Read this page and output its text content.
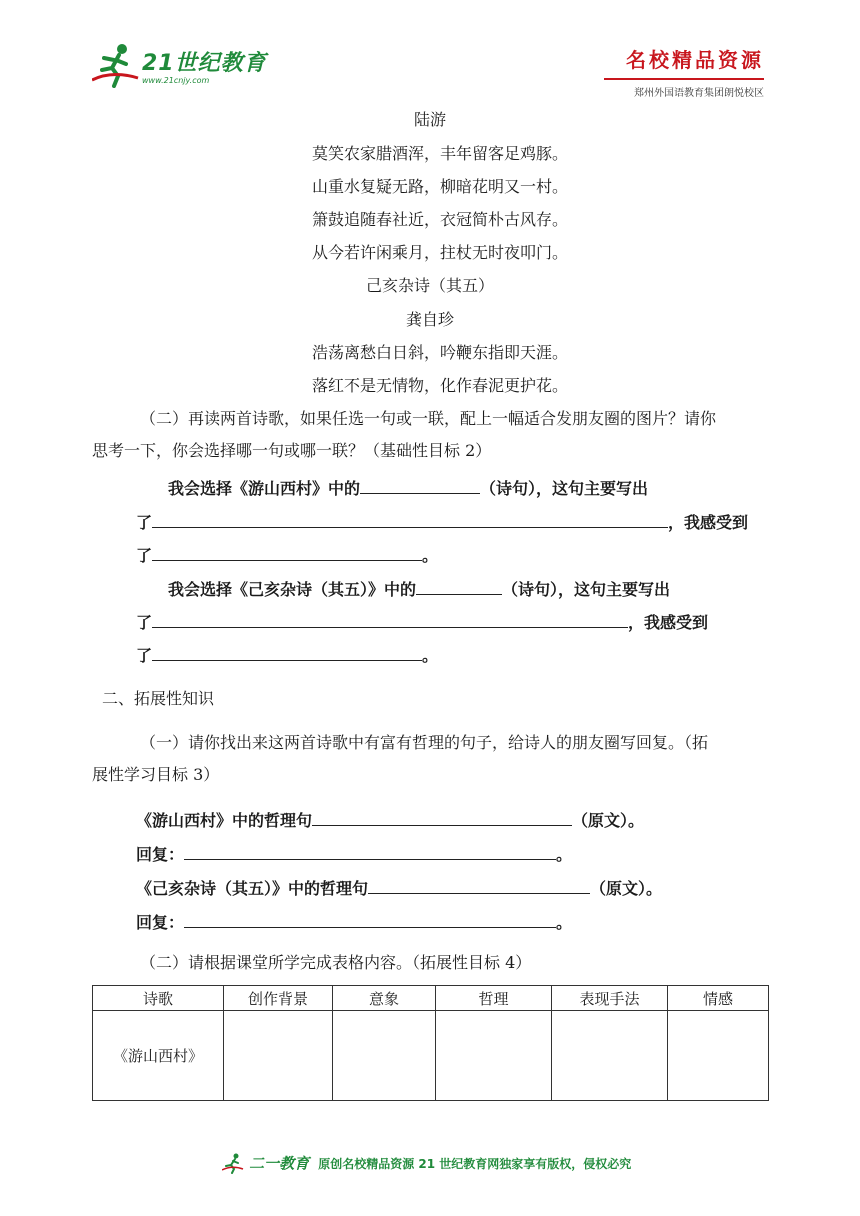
21世纪教育
www.21cnjy.com
名校精品资源
郑州外国语教育集团朗悦校区
陆游
莫笑农家腊酒浑，丰年留客足鸡豚。
山重水复疑无路，柳暗花明又一村。
箫鼓追随春社近，衣冠简朴古风存。
从今若许闲乘月，拄杖无时夜叩门。
己亥杂诗（其五）
龚自珍
浩荡离愁白日斜，吟鞭东指即天涯。
落红不是无情物，化作春泥更护花。
（二）再读两首诗歌，如果任选一句或一联，配上一幅适合发朋友圈的图片？请你
思考一下，你会选择哪一句或哪一联？（基础性目标 2）
我会选择《游山西村》中的	（诗句），这句主要写出
了	，我感受到
了	。
我会选择《己亥杂诗（其五）》中的	（诗句），这句主要写出
了	，我感受到
了	。
二、拓展性知识
（一）请你找出来这两首诗歌中有富有哲理的句子，给诗人的朋友圈写回复。（拓
展性学习目标 3）
《游山西村》中的哲理句	（原文）。
回复：	。
《己亥杂诗（其五）》中的哲理句	（原文）。
回复：	。
（二）请根据课堂所学完成表格内容。（拓展性目标 4）
诗歌	创作背景	意象	哲理	表现手法	情感
《游山西村》					
二一教育 原创名校精品资源 21 世纪教育网独家享有版权，侵权必究
